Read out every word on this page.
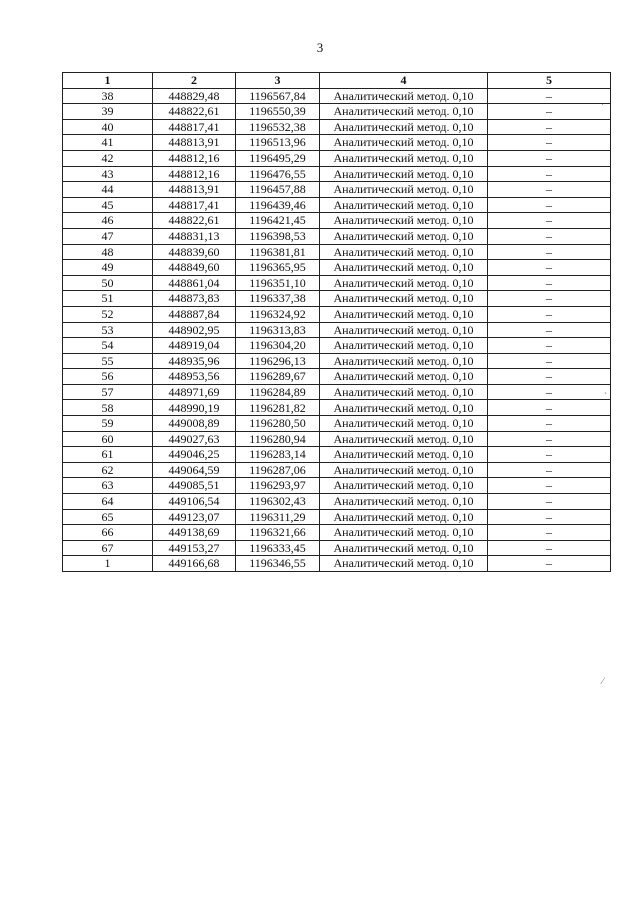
3
1	2	3	4	5
38	448829,48	1196567,84	Аналитический метод. 0,10	–
39	448822,61	1196550,39	Аналитический метод. 0,10	–
40	448817,41	1196532,38	Аналитический метод. 0,10	–
41	448813,91	1196513,96	Аналитический метод. 0,10	–
42	448812,16	1196495,29	Аналитический метод. 0,10	–
43	448812,16	1196476,55	Аналитический метод. 0,10	–
44	448813,91	1196457,88	Аналитический метод. 0,10	–
45	448817,41	1196439,46	Аналитический метод. 0,10	–
46	448822,61	1196421,45	Аналитический метод. 0,10	–
47	448831,13	1196398,53	Аналитический метод. 0,10	–
48	448839,60	1196381,81	Аналитический метод. 0,10	–
49	448849,60	1196365,95	Аналитический метод. 0,10	–
50	448861,04	1196351,10	Аналитический метод. 0,10	–
51	448873,83	1196337,38	Аналитический метод. 0,10	–
52	448887,84	1196324,92	Аналитический метод. 0,10	–
53	448902,95	1196313,83	Аналитический метод. 0,10	–
54	448919,04	1196304,20	Аналитический метод. 0,10	–
55	448935,96	1196296,13	Аналитический метод. 0,10	–
56	448953,56	1196289,67	Аналитический метод. 0,10	–
57	448971,69	1196284,89	Аналитический метод. 0,10	–
58	448990,19	1196281,82	Аналитический метод. 0,10	–
59	449008,89	1196280,50	Аналитический метод. 0,10	–
60	449027,63	1196280,94	Аналитический метод. 0,10	–
61	449046,25	1196283,14	Аналитический метод. 0,10	–
62	449064,59	1196287,06	Аналитический метод. 0,10	–
63	449085,51	1196293,97	Аналитический метод. 0,10	–
64	449106,54	1196302,43	Аналитический метод. 0,10	–
65	449123,07	1196311,29	Аналитический метод. 0,10	–
66	449138,69	1196321,66	Аналитический метод. 0,10	–
67	449153,27	1196333,45	Аналитический метод. 0,10	–
1	449166,68	1196346,55	Аналитический метод. 0,10	–
ˈ
ˏ
⁄
